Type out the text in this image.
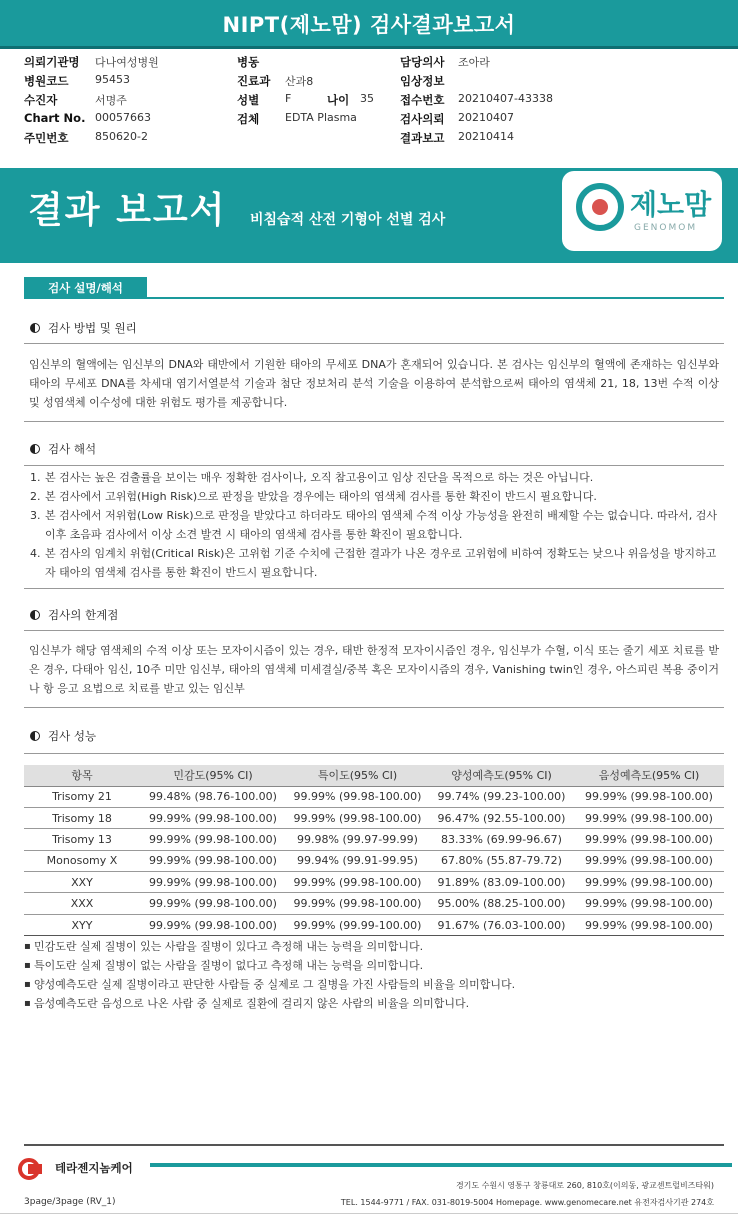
NIPT(제노맘) 검사결과보고서
의뢰기관명 다나여성병원	병동	담당의사 조아라
병원코드 95453	진료과 산과8	임상정보
수진자	서명주	성별 F	나이 35 접수번호 20210407-43338
Chart No. 00057663	검체 EDTA Plasma	검사의뢰 20210407
주민번호 850620-2	결과보고 20210414
결과 보고서 비침습적 산전 기형아 선별 검사	제노맘
GENOMOM
검사 설명/해석
검사 방법 및 원리
임신부의 혈액에는 임신부의 DNA와 태반에서 기원한 태아의 무세포 DNA가 혼재되어 있습니다. 본 검사는 임신부의 혈액에 존재하는 임신부와 태아의 무세포 DNA를 차세대 염기서열분석 기술과 첨단 정보처리 분석 기술을 이용하여 분석함으로써 태아의 염색체 21, 18, 13번 수적 이상 및 성염색체 이수성에 대한 위험도 평가를 제공합니다.
검사 해석
1. 본 검사는 높은 검출률을 보이는 매우 정확한 검사이나, 오직 참고용이고 임상 진단을 목적으로 하는 것은 아닙니다.
2. 본 검사에서 고위험(High Risk)으로 판정을 받았을 경우에는 태아의 염색체 검사를 통한 확진이 반드시 필요합니다.
3. 본 검사에서 저위험(Low Risk)으로 판정을 받았다고 하더라도 태아의 염색체 수적 이상 가능성을 완전히 배제할 수는 없습니다. 따라서, 검사 이후 초음파 검사에서 이상 소견 발견 시 태아의 염색체 검사를 통한 확진이 필요합니다.
4. 본 검사의 임계치 위험(Critical Risk)은 고위험 기준 수치에 근접한 결과가 나온 경우로 고위험에 비하여 정확도는 낮으나 위음성을 방지하고자 태아의 염색체 검사를 통한 확진이 반드시 필요합니다.
검사의 한계점
임신부가 해당 염색체의 수적 이상 또는 모자이시즘이 있는 경우, 태반 한정적 모자이시즘인 경우, 임신부가 수혈, 이식 또는 줄기 세포 치료를 받은 경우, 다태아 임신, 10주 미만 임신부, 태아의 염색체 미세결실/중복 혹은 모자이시즘의 경우, Vanishing twin인 경우, 아스피린 복용 중이거나 항 응고 요법으로 치료를 받고 있는 임신부
검사 성능
항목	민감도(95% CI)	특이도(95% CI)	양성예측도(95% CI)	음성예측도(95% CI)
Trisomy 21	99.48% (98.76-100.00)	99.99% (99.98-100.00)	99.74% (99.23-100.00)	99.99% (99.98-100.00)
Trisomy 18	99.99% (99.98-100.00)	99.99% (99.98-100.00)	96.47% (92.55-100.00)	99.99% (99.98-100.00)
Trisomy 13	99.99% (99.98-100.00)	99.98% (99.97-99.99)	83.33% (69.99-96.67)	99.99% (99.98-100.00)
Monosomy X	99.99% (99.98-100.00)	99.94% (99.91-99.95)	67.80% (55.87-79.72)	99.99% (99.98-100.00)
XXY	99.99% (99.98-100.00)	99.99% (99.98-100.00)	91.89% (83.09-100.00)	99.99% (99.98-100.00)
XXX	99.99% (99.98-100.00)	99.99% (99.98-100.00)	95.00% (88.25-100.00)	99.99% (99.98-100.00)
XYY	99.99% (99.98-100.00)	99.99% (99.99-100.00)	91.67% (76.03-100.00)	99.99% (99.98-100.00)
▪ 민감도란 실제 질병이 있는 사람을 질병이 있다고 측정해 내는 능력을 의미합니다.
▪ 특이도란 실제 질병이 없는 사람을 질병이 없다고 측정해 내는 능력을 의미합니다.
▪ 양성예측도란 실제 질병이라고 판단한 사람들 중 실제로 그 질병을 가진 사람들의 비율을 의미합니다.
▪ 음성예측도란 음성으로 나온 사람 중 실제로 질환에 걸리지 않은 사람의 비율을 의미합니다.
테라젠지놈케어
경기도 수원시 영통구 창룡대로 260, 810호(이의동, 광교센트럴비즈타워)
3page/3page (RV_1)	TEL. 1544-9771 / FAX. 031-8019-5004 Homepage. www.genomecare.net 유전자검사기관 274호
